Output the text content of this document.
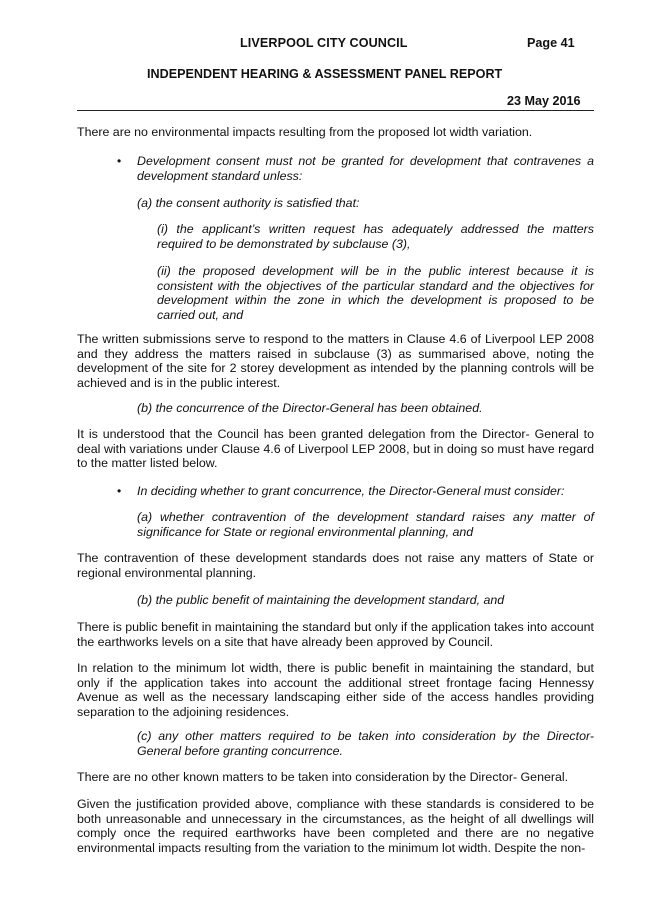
LIVERPOOL CITY COUNCIL	Page 41
INDEPENDENT HEARING & ASSESSMENT PANEL REPORT
23 May 2016
There are no environmental impacts resulting from the proposed lot width variation.
• Development consent must not be granted for development that contravenes a development standard unless:
(a) the consent authority is satisfied that:
(i) the applicant’s written request has adequately addressed the matters required to be demonstrated by subclause (3),
(ii) the proposed development will be in the public interest because it is consistent with the objectives of the particular standard and the objectives for development within the zone in which the development is proposed to be carried out, and
The written submissions serve to respond to the matters in Clause 4.6 of Liverpool LEP 2008 and they address the matters raised in subclause (3) as summarised above, noting the development of the site for 2 storey development as intended by the planning controls will be achieved and is in the public interest.
(b) the concurrence of the Director-General has been obtained.
It is understood that the Council has been granted delegation from the Director- General to deal with variations under Clause 4.6 of Liverpool LEP 2008, but in doing so must have regard to the matter listed below.
• In deciding whether to grant concurrence, the Director-General must consider:
(a) whether contravention of the development standard raises any matter of significance for State or regional environmental planning, and
The contravention of these development standards does not raise any matters of State or regional environmental planning.
(b) the public benefit of maintaining the development standard, and
There is public benefit in maintaining the standard but only if the application takes into account the earthworks levels on a site that have already been approved by Council.
In relation to the minimum lot width, there is public benefit in maintaining the standard, but only if the application takes into account the additional street frontage facing Hennessy Avenue as well as the necessary landscaping either side of the access handles providing separation to the adjoining residences.
(c) any other matters required to be taken into consideration by the Director-General before granting concurrence.
There are no other known matters to be taken into consideration by the Director- General.
Given the justification provided above, compliance with these standards is considered to be both unreasonable and unnecessary in the circumstances, as the height of all dwellings will comply once the required earthworks have been completed and there are no negative environmental impacts resulting from the variation to the minimum lot width. Despite the non-
